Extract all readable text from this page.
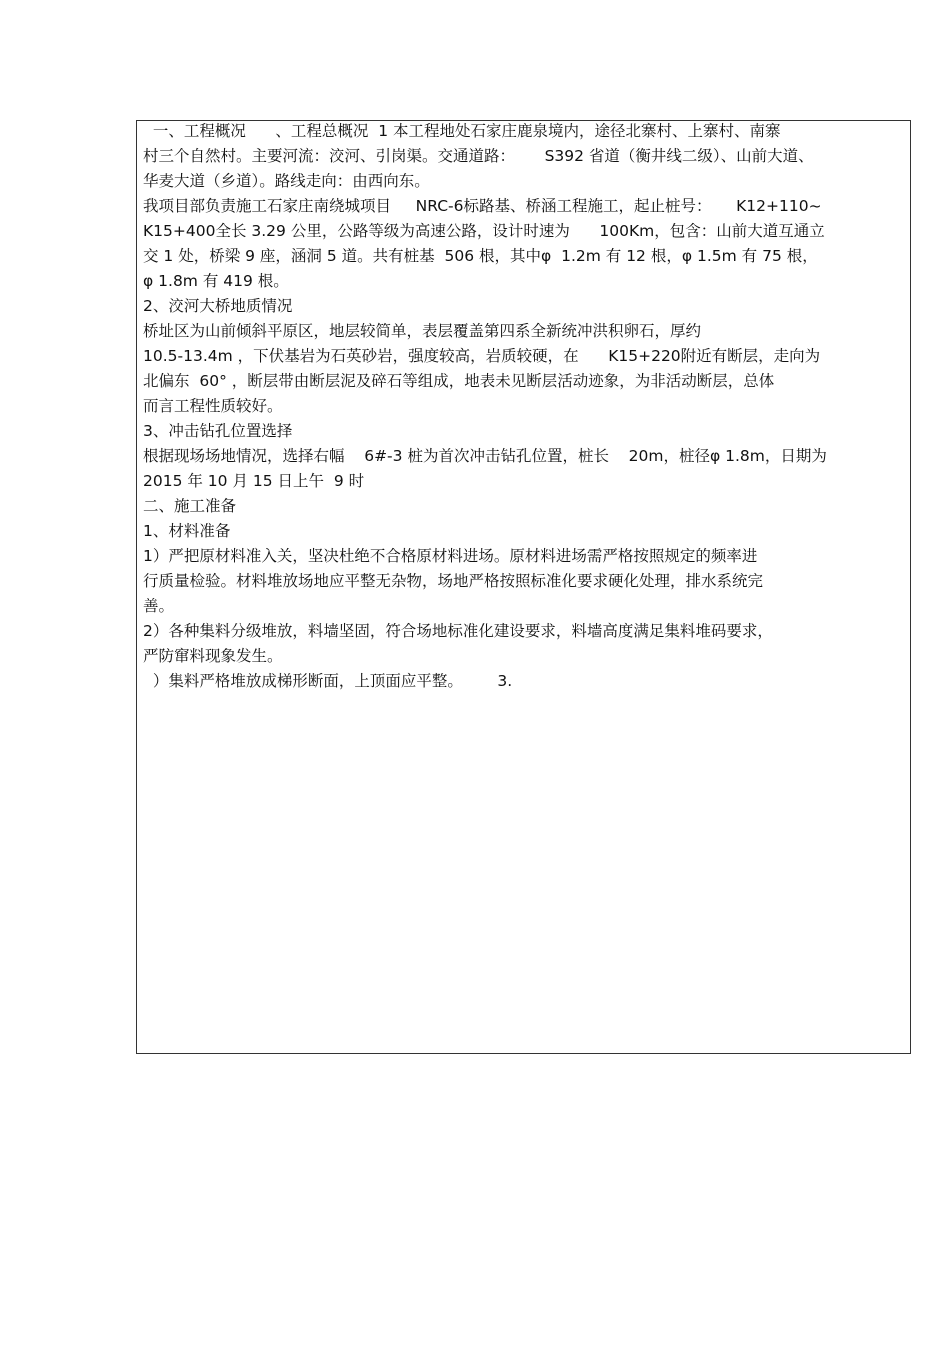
一、工程概况      、工程总概况  1 本工程地处石家庄鹿泉境内，途径北寨村、上寨村、南寨
村三个自然村。主要河流：洨河、引岗渠。交通道路：      S392 省道（衡井线二级）、山前大道、
华麦大道（乡道）。路线走向：由西向东。
我项目部负责施工石家庄南绕城项目     NRC-6标路基、桥涵工程施工，起止桩号：     K12+110~
K15+400全长 3.29 公里，公路等级为高速公路，设计时速为      100Km，包含：山前大道互通立
交 1 处，桥梁 9 座，涵洞 5 道。共有桩基  506 根，其中φ  1.2m 有 12 根，φ 1.5m 有 75 根，
φ 1.8m 有 419 根。
2、洨河大桥地质情况
桥址区为山前倾斜平原区，地层较简单，表层覆盖第四系全新统冲洪积卵石，厚约
10.5-13.4m ，下伏基岩为石英砂岩，强度较高，岩质较硬，在      K15+220附近有断层，走向为
北偏东  60° ，断层带由断层泥及碎石等组成，地表未见断层活动迹象，为非活动断层，总体
而言工程性质较好。
3、冲击钻孔位置选择
根据现场场地情况，选择右幅    6#-3 桩为首次冲击钻孔位置，桩长    20m，桩径φ 1.8m，日期为
2015 年 10 月 15 日上午  9 时
二、施工准备
1、材料准备
1）严把原材料准入关，坚决杜绝不合格原材料进场。原材料进场需严格按照规定的频率进
行质量检验。材料堆放场地应平整无杂物，场地严格按照标准化要求硬化处理，排水系统完
善。
2）各种集料分级堆放，料墙坚固，符合场地标准化建设要求，料墙高度满足集料堆码要求，
严防窜料现象发生。
）集料严格堆放成梯形断面，上顶面应平整。       3.
